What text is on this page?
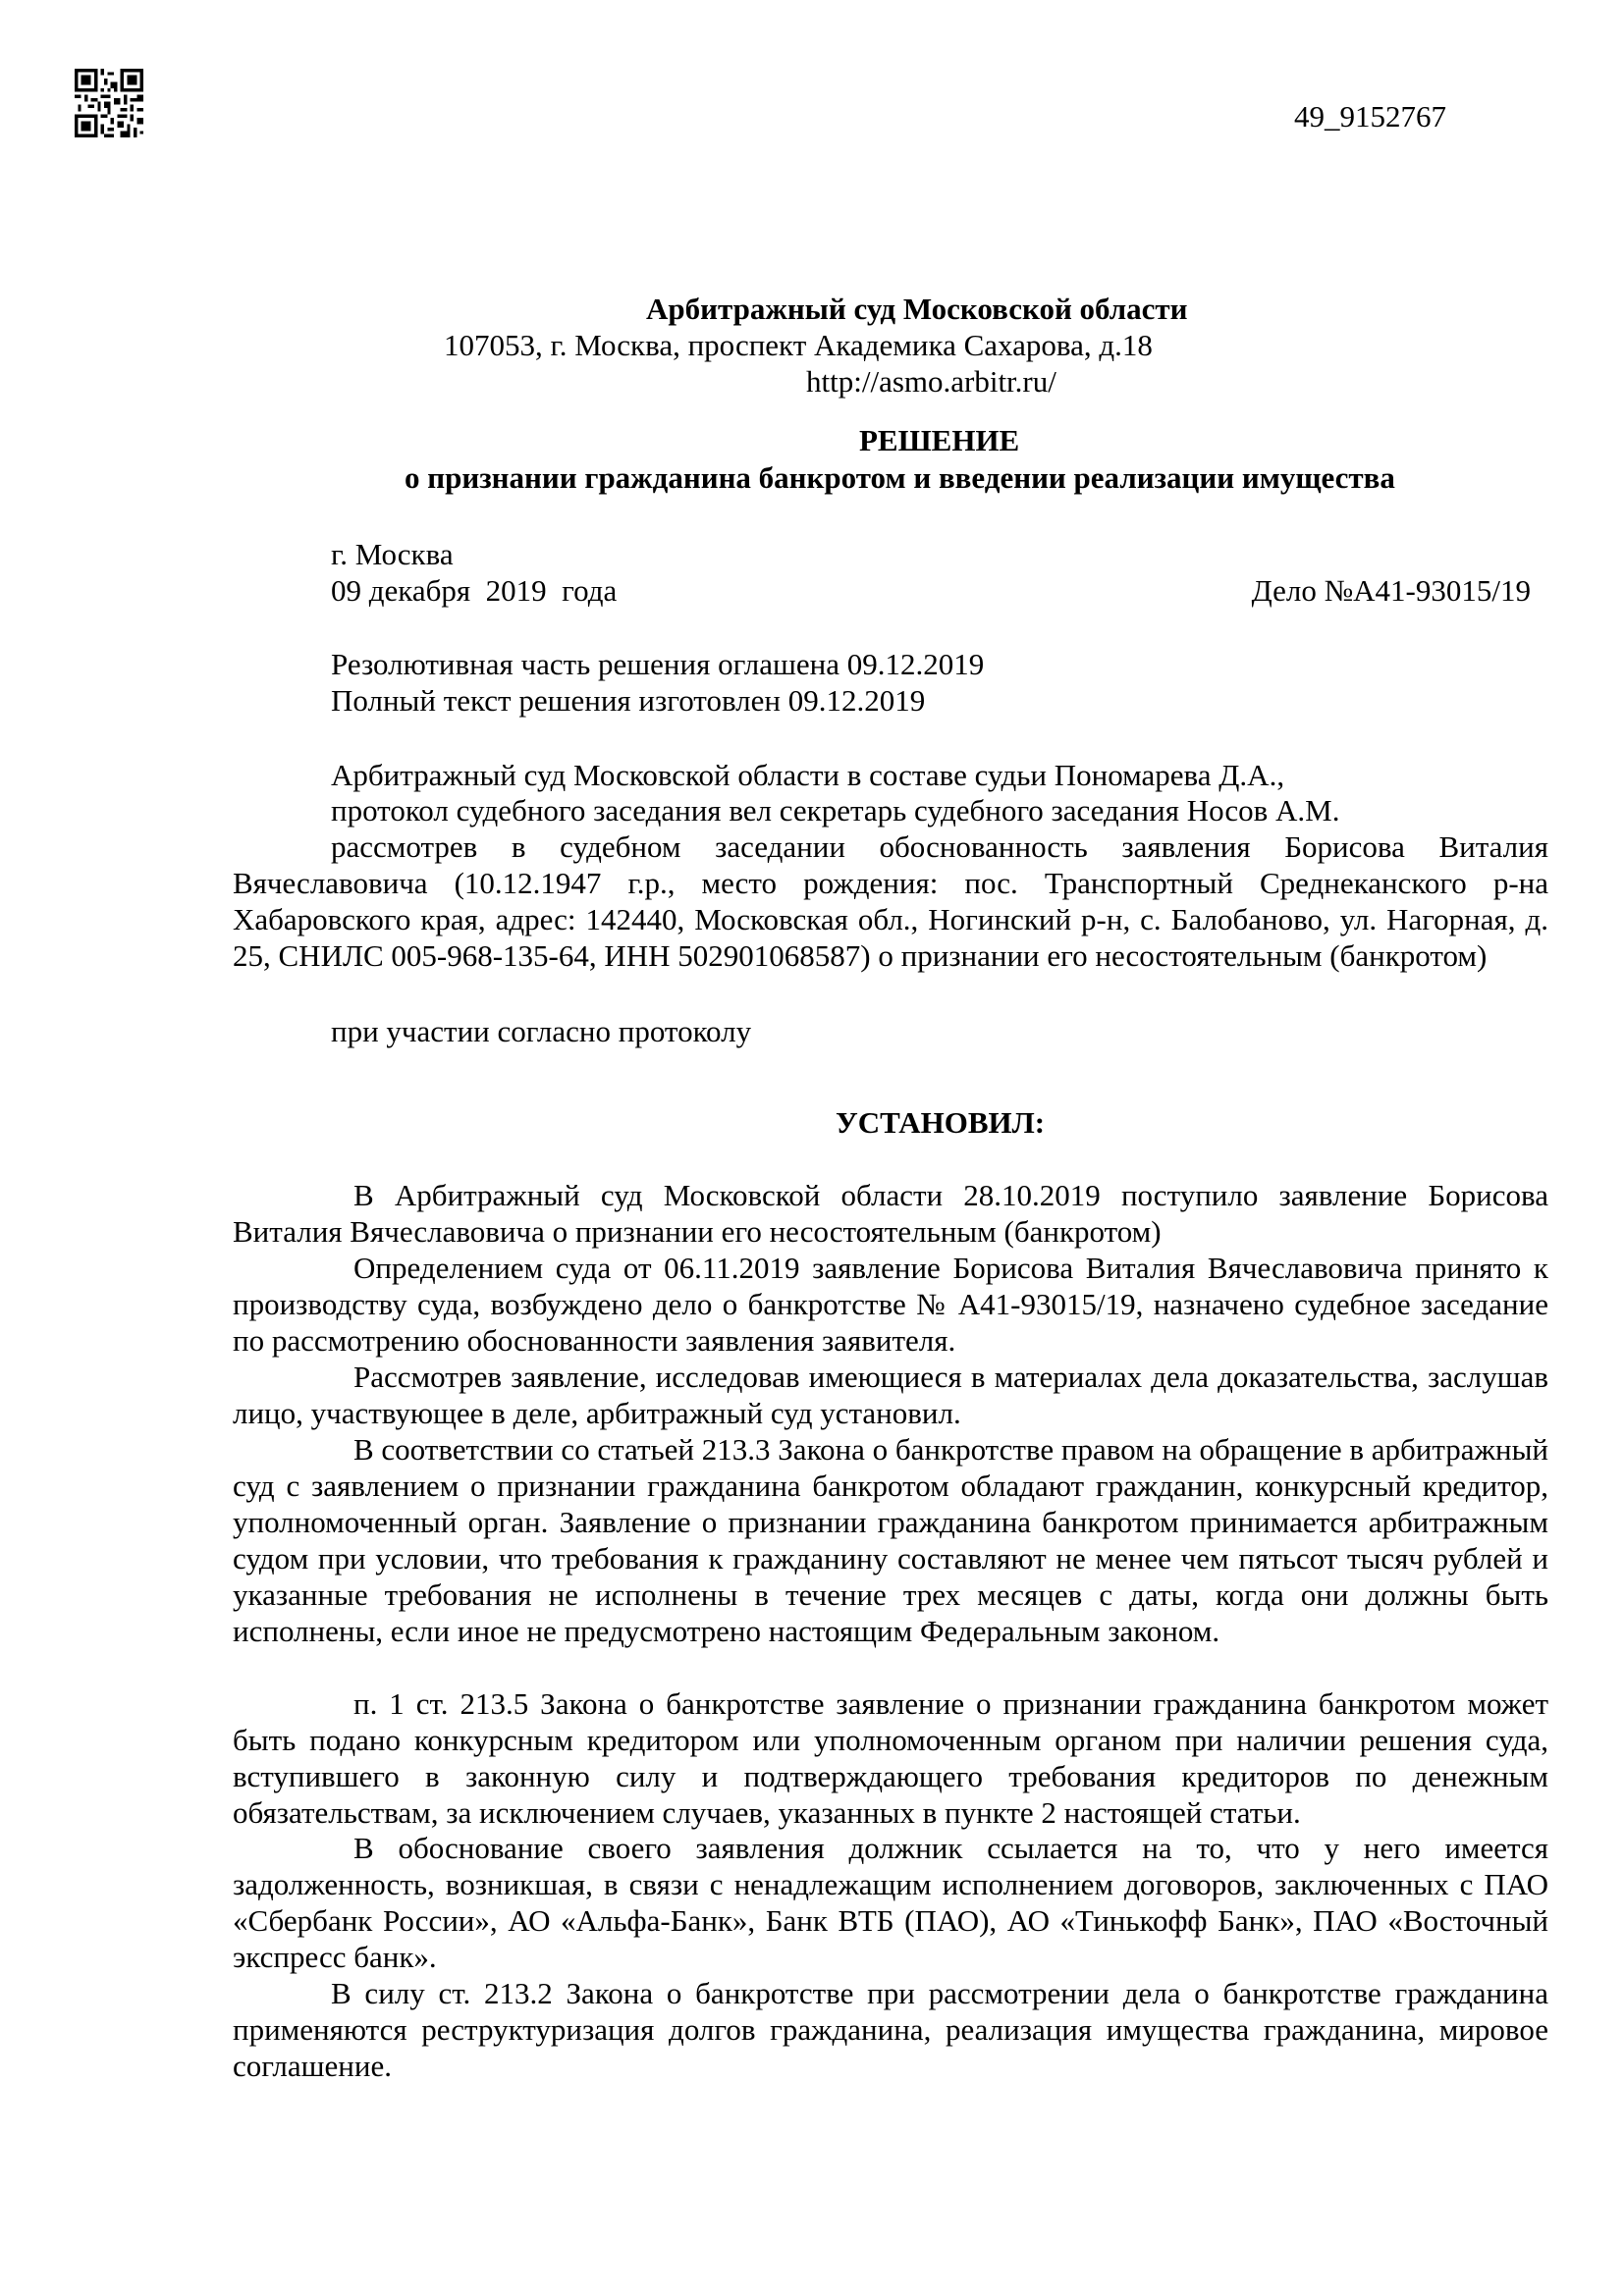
49_9152767
Арбитражный суд Московской области
107053, г. Москва, проспект Академика Сахарова, д.18
http://asmo.arbitr.ru/
РЕШЕНИЕ
о признании гражданина банкротом и введении реализации имущества
г. Москва
09 декабря  2019  года	Дело №А41-93015/19
Резолютивная часть решения оглашена 09.12.2019
Полный текст решения изготовлен 09.12.2019
Арбитражный суд Московской области в составе судьи Пономарева Д.А.,
протокол судебного заседания вел секретарь судебного заседания Носов А.М.
рассмотрев в судебном заседании обоснованность заявления Борисова Виталия Вячеславовича (10.12.1947 г.р., место рождения: пос. Транспортный Среднеканского р-на Хабаровского края, адрес: 142440, Московская обл., Ногинский р-н, с. Балобаново, ул. Нагорная, д. 25, СНИЛС 005-968-135-64, ИНН 502901068587) о признании его несостоятельным (банкротом)
при участии согласно протоколу
УСТАНОВИЛ:
В Арбитражный суд Московской области 28.10.2019 поступило заявление Борисова Виталия Вячеславовича о признании его несостоятельным (банкротом)
Определением суда от 06.11.2019 заявление Борисова Виталия Вячеславовича принято к производству суда, возбуждено дело о банкротстве № А41-93015/19, назначено судебное заседание по рассмотрению обоснованности заявления заявителя.
Рассмотрев заявление, исследовав имеющиеся в материалах дела доказательства, заслушав лицо, участвующее в деле, арбитражный суд установил.
В соответствии со статьей 213.3 Закона о банкротстве правом на обращение в арбитражный суд с заявлением о признании гражданина банкротом обладают гражданин, конкурсный кредитор, уполномоченный орган. Заявление о признании гражданина банкротом принимается арбитражным судом при условии, что требования к гражданину составляют не менее чем пятьсот тысяч рублей и указанные требования не исполнены в течение трех месяцев с даты, когда они должны быть исполнены, если иное не предусмотрено настоящим Федеральным законом.
п. 1 ст. 213.5 Закона о банкротстве заявление о признании гражданина банкротом может быть подано конкурсным кредитором или уполномоченным органом при наличии решения суда, вступившего в законную силу и подтверждающего требования кредиторов по денежным обязательствам, за исключением случаев, указанных в пункте 2 настоящей статьи.
В обоснование своего заявления должник ссылается на то, что у него имеется задолженность, возникшая, в связи с ненадлежащим исполнением договоров, заключенных с ПАО «Сбербанк России», АО «Альфа-Банк», Банк ВТБ (ПАО), АО «Тинькофф Банк», ПАО «Восточный экспресс банк».
В силу ст. 213.2 Закона о банкротстве при рассмотрении дела о банкротстве гражданина применяются реструктуризация долгов гражданина, реализация имущества гражданина, мировое соглашение.
